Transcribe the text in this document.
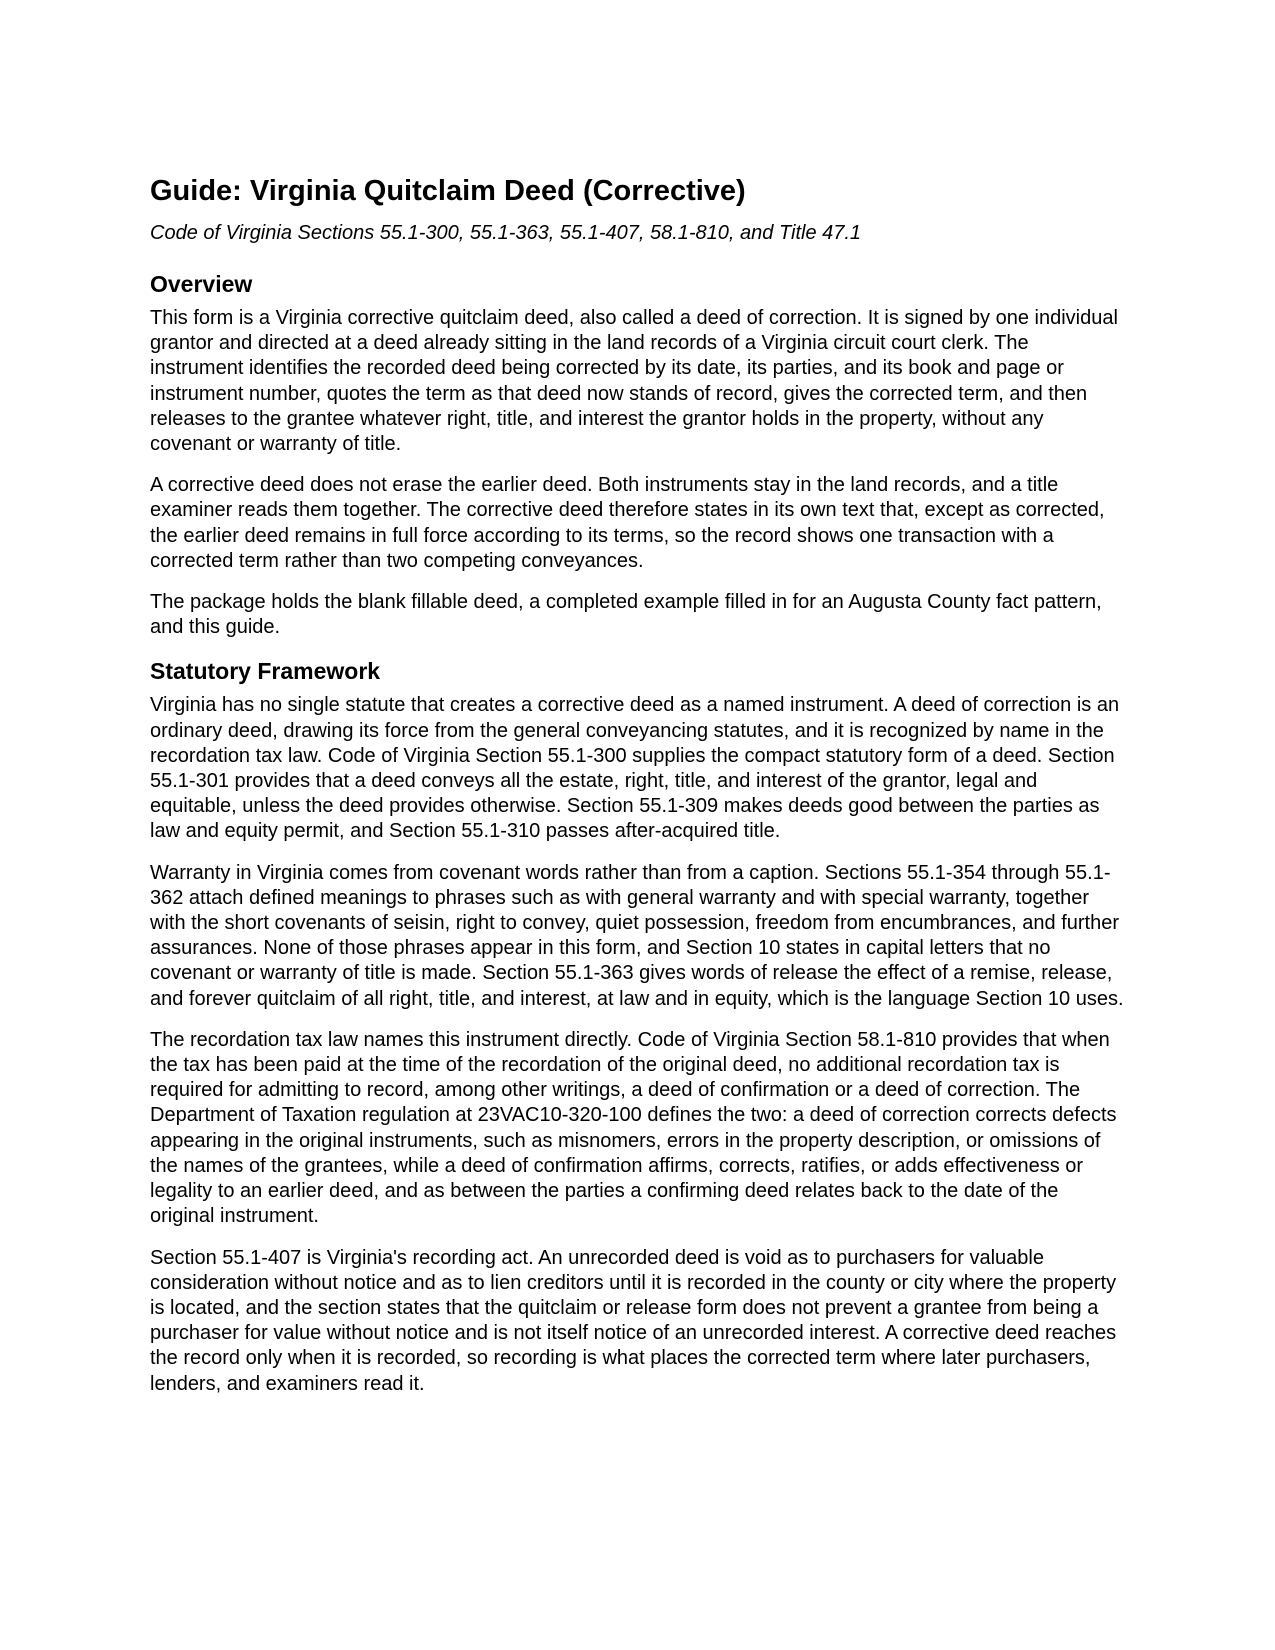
Guide: Virginia Quitclaim Deed (Corrective)

Code of Virginia Sections 55.1-300, 55.1-363, 55.1-407, 58.1-810, and Title 47.1

Overview

This form is a Virginia corrective quitclaim deed, also called a deed of correction. It is signed by one individual grantor and directed at a deed already sitting in the land records of a Virginia circuit court clerk. The instrument identifies the recorded deed being corrected by its date, its parties, and its book and page or instrument number, quotes the term as that deed now stands of record, gives the corrected term, and then releases to the grantee whatever right, title, and interest the grantor holds in the property, without any covenant or warranty of title.

A corrective deed does not erase the earlier deed. Both instruments stay in the land records, and a title examiner reads them together. The corrective deed therefore states in its own text that, except as corrected, the earlier deed remains in full force according to its terms, so the record shows one transaction with a corrected term rather than two competing conveyances.

The package holds the blank fillable deed, a completed example filled in for an Augusta County fact pattern, and this guide.

Statutory Framework

Virginia has no single statute that creates a corrective deed as a named instrument. A deed of correction is an ordinary deed, drawing its force from the general conveyancing statutes, and it is recognized by name in the recordation tax law. Code of Virginia Section 55.1-300 supplies the compact statutory form of a deed. Section 55.1-301 provides that a deed conveys all the estate, right, title, and interest of the grantor, legal and equitable, unless the deed provides otherwise. Section 55.1-309 makes deeds good between the parties as law and equity permit, and Section 55.1-310 passes after-acquired title.

Warranty in Virginia comes from covenant words rather than from a caption. Sections 55.1-354 through 55.1-362 attach defined meanings to phrases such as with general warranty and with special warranty, together with the short covenants of seisin, right to convey, quiet possession, freedom from encumbrances, and further assurances. None of those phrases appear in this form, and Section 10 states in capital letters that no covenant or warranty of title is made. Section 55.1-363 gives words of release the effect of a remise, release, and forever quitclaim of all right, title, and interest, at law and in equity, which is the language Section 10 uses.

The recordation tax law names this instrument directly. Code of Virginia Section 58.1-810 provides that when the tax has been paid at the time of the recordation of the original deed, no additional recordation tax is required for admitting to record, among other writings, a deed of confirmation or a deed of correction. The Department of Taxation regulation at 23VAC10-320-100 defines the two: a deed of correction corrects defects appearing in the original instruments, such as misnomers, errors in the property description, or omissions of the names of the grantees, while a deed of confirmation affirms, corrects, ratifies, or adds effectiveness or legality to an earlier deed, and as between the parties a confirming deed relates back to the date of the original instrument.

Section 55.1-407 is Virginia's recording act. An unrecorded deed is void as to purchasers for valuable consideration without notice and as to lien creditors until it is recorded in the county or city where the property is located, and the section states that the quitclaim or release form does not prevent a grantee from being a purchaser for value without notice and is not itself notice of an unrecorded interest. A corrective deed reaches the record only when it is recorded, so recording is what places the corrected term where later purchasers, lenders, and examiners read it.
